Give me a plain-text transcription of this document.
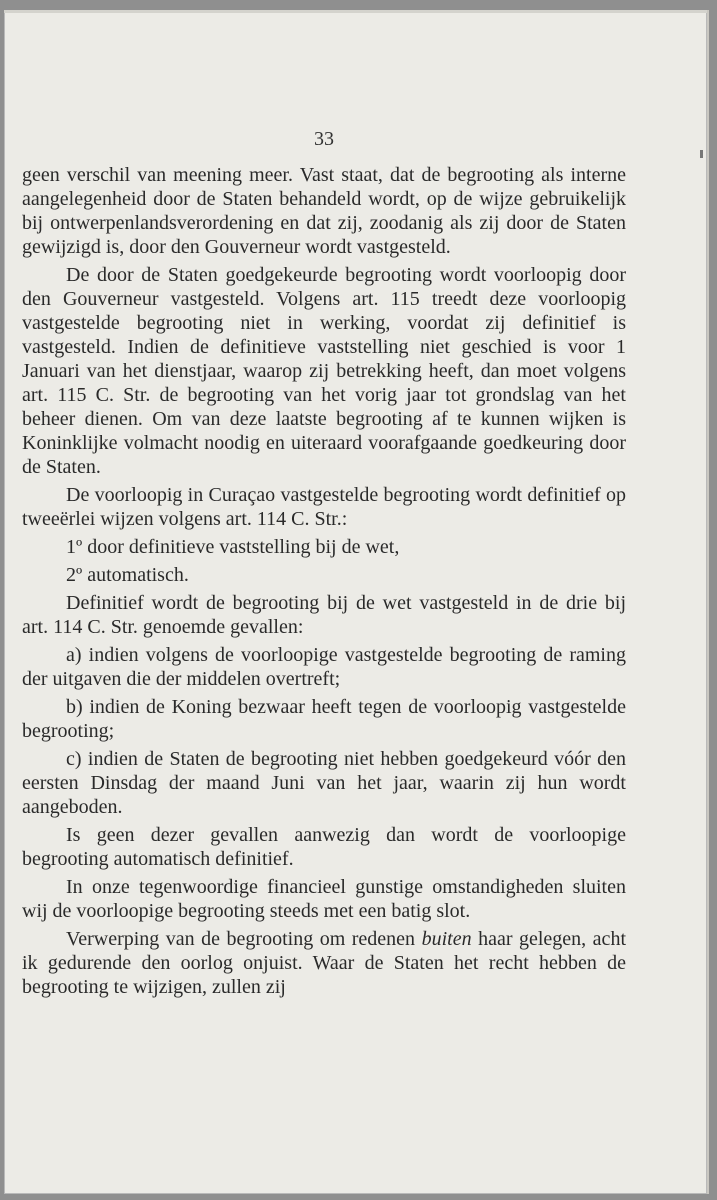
33

geen verschil van meening meer. Vast staat, dat de begrooting als interne aangelegenheid door de Staten behandeld wordt, op de wijze gebruikelijk bij ontwerpenlandsverordening en dat zij, zoodanig als zij door de Staten gewijzigd is, door den Gouverneur wordt vastgesteld.

De door de Staten goedgekeurde begrooting wordt voorloopig door den Gouverneur vastgesteld. Volgens art. 115 treedt deze voorloopig vastgestelde begrooting niet in werking, voordat zij definitief is vastgesteld. Indien de definitieve vaststelling niet geschied is voor 1 Januari van het dienstjaar, waarop zij betrekking heeft, dan moet volgens art. 115 C. Str. de begrooting van het vorig jaar tot grondslag van het beheer dienen. Om van deze laatste begrooting af te kunnen wijken is Koninklijke volmacht noodig en uiteraard voorafgaande goedkeuring door de Staten.

De voorloopig in Curaçao vastgestelde begrooting wordt definitief op tweeërlei wijzen volgens art. 114 C. Str.:

1º door definitieve vaststelling bij de wet,

2º automatisch.

Definitief wordt de begrooting bij de wet vastgesteld in de drie bij art. 114 C. Str. genoemde gevallen:

a) indien volgens de voorloopige vastgestelde begrooting de raming der uitgaven die der middelen overtreft;

b) indien de Koning bezwaar heeft tegen de voorloopig vastgestelde begrooting;

c) indien de Staten de begrooting niet hebben goedgekeurd vóór den eersten Dinsdag der maand Juni van het jaar, waarin zij hun wordt aangeboden.

Is geen dezer gevallen aanwezig dan wordt de voorloopige begrooting automatisch definitief.

In onze tegenwoordige financieel gunstige omstandigheden sluiten wij de voorloopige begrooting steeds met een batig slot.

Verwerping van de begrooting om redenen buiten haar gelegen, acht ik gedurende den oorlog onjuist. Waar de Staten het recht hebben de begrooting te wijzigen, zullen zij
